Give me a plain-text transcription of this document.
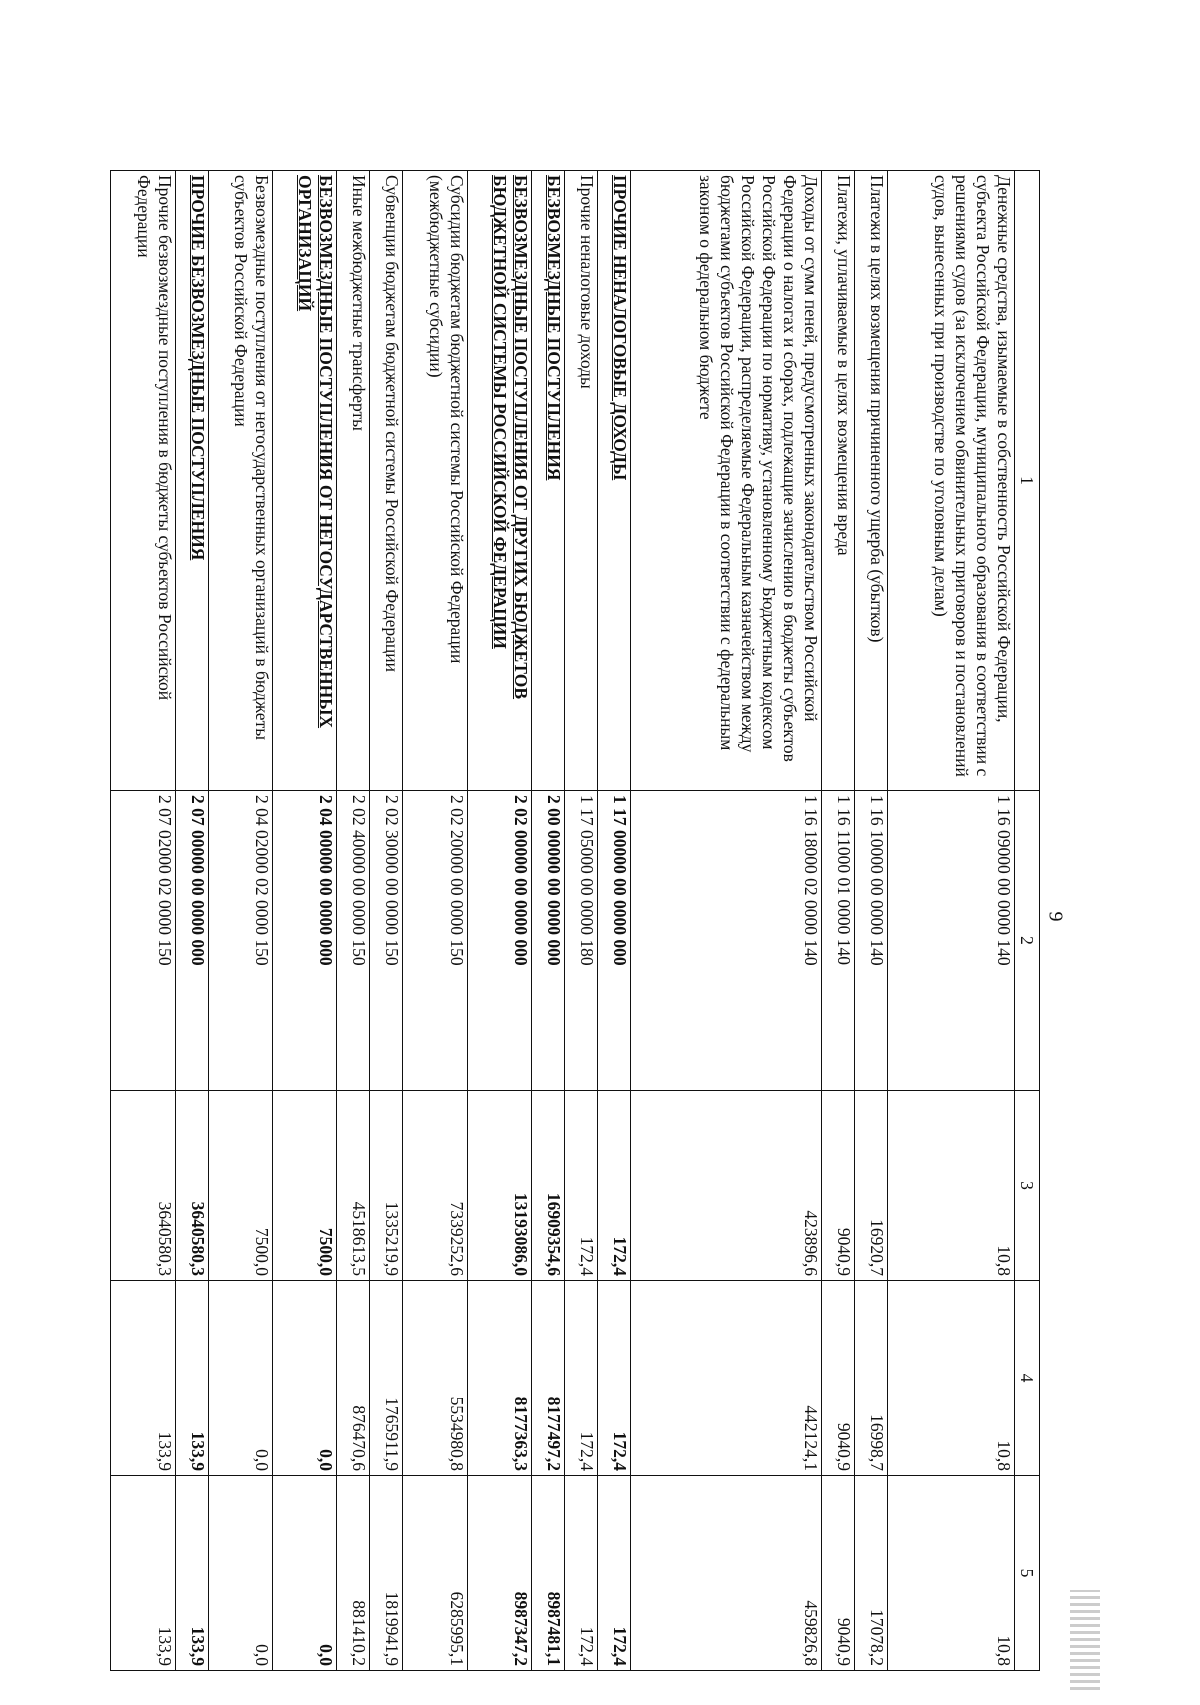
9
1	2	3	4	5
Денежные средства, изымаемые в собственность Российской Федерации, субъекта Российской Федерации, муниципального образования в соответствии с решениями судов (за исключением обвинительных приговоров и постановлений судов, вынесенных при производстве по уголовным делам)	1 16 09000 00 0000 140	10,8	10,8	10,8
Платежи в целях возмещения причиненного ущерба (убытков)	1 16 10000 00 0000 140	16920,7	16998,7	17078,2
Платежи, уплачиваемые в целях возмещения вреда	1 16 11000 01 0000 140	9040,9	9040,9	9040,9
Доходы от сумм пеней, предусмотренных законодательством Российской Федерации о налогах и сборах, подлежащие зачислению в бюджеты субъектов Российской Федерации по нормативу, установленному Бюджетным кодексом Российской Федерации, распределяемые Федеральным казначейством между бюджетами субъектов Российской Федерации в соответствии с федеральным законом о федеральном бюджете	1 16 18000 02 0000 140	423896,6	442124,1	459826,8
ПРОЧИЕ НЕНАЛОГОВЫЕ ДОХОДЫ	1 17 00000 00 0000 000	172,4	172,4	172,4
Прочие неналоговые доходы	1 17 05000 00 0000 180	172,4	172,4	172,4
БЕЗВОЗМЕЗДНЫЕ ПОСТУПЛЕНИЯ	2 00 00000 00 0000 000	16909354,6	8177497,2	8987481,1
БЕЗВОЗМЕЗДНЫЕ ПОСТУПЛЕНИЯ ОТ ДРУГИХ БЮДЖЕТОВ БЮДЖЕТНОЙ СИСТЕМЫ РОССИЙСКОЙ ФЕДЕРАЦИИ	2 02 00000 00 0000 000	13193086,0	8177363,3	8987347,2
Субсидии бюджетам бюджетной системы Российской Федерации (межбюджетные субсидии)	2 02 20000 00 0000 150	7339252,6	5534980,8	6285995,1
Субвенции бюджетам бюджетной системы Российской Федерации	2 02 30000 00 0000 150	1335219,9	1765911,9	1819941,9
Иные межбюджетные трансферты	2 02 40000 00 0000 150	4518613,5	876470,6	881410,2
БЕЗВОЗМЕЗДНЫЕ ПОСТУПЛЕНИЯ ОТ НЕГОСУДАРСТВЕННЫХ ОРГАНИЗАЦИЙ	2 04 00000 00 0000 000	7500,0	0,0	0,0
Безвозмездные поступления от негосударственных организаций в бюджеты субъектов Российской Федерации	2 04 02000 02 0000 150	7500,0	0,0	0,0
ПРОЧИЕ БЕЗВОЗМЕЗДНЫЕ ПОСТУПЛЕНИЯ	2 07 00000 00 0000 000	3640580,3	133,9	133,9
Прочие безвозмездные поступления в бюджеты субъектов Российской Федерации	2 07 02000 02 0000 150	3640580,3	133,9	133,9
